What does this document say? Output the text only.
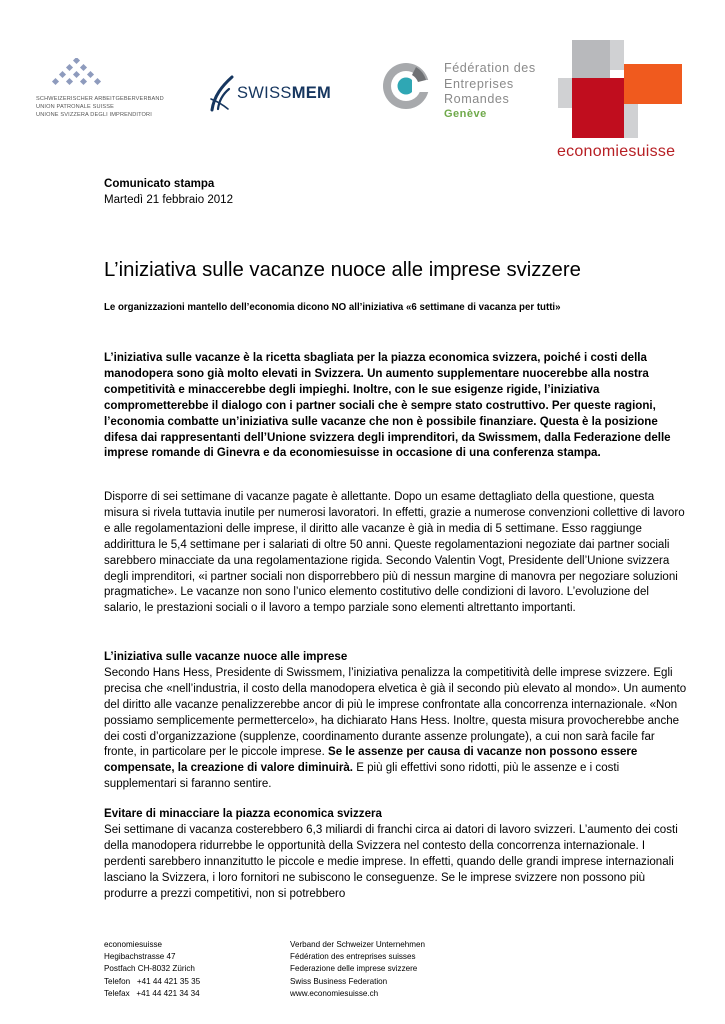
SCHWEIZERISCHER ARBEITGEBERVERBAND
UNION PATRONALE SUISSE
UNIONE SVIZZERA DEGLI IMPRENDITORI
SWISSMEM
Fédération des
Entreprises
Romandes
Genève
economiesuisse
Comunicato stampa
Martedì 21 febbraio 2012
L’iniziativa sulle vacanze nuoce alle imprese svizzere
Le organizzazioni mantello dell’economia dicono NO all’iniziativa «6 settimane di vacanza per tutti»
L’iniziativa sulle vacanze è la ricetta sbagliata per la piazza economica svizzera, poiché i costi della manodopera sono già molto elevati in Svizzera. Un aumento supplementare nuocerebbe alla nostra competitività e minaccerebbe degli impieghi. Inoltre, con le sue esigenze rigide, l’iniziativa comprometterebbe il dialogo con i partner sociali che è sempre stato costruttivo. Per queste ragioni, l’economia combatte un’iniziativa sulle vacanze che non è possibile finanziare. Questa è la posizione difesa dai rappresentanti dell’Unione svizzera degli imprenditori, da Swissmem, dalla Federazione delle imprese romande di Ginevra e da economiesuisse in occasione di una conferenza stampa.

Disporre di sei settimane di vacanze pagate è allettante. Dopo un esame dettagliato della questione, questa misura si rivela tuttavia inutile per numerosi lavoratori. In effetti, grazie a numerose convenzioni collettive di lavoro e alle regolamentazioni delle imprese, il diritto alle vacanze è già in media di 5 settimane. Esso raggiunge addirittura le 5,4 settimane per i salariati di oltre 50 anni. Queste regolamentazioni negoziate dai partner sociali sarebbero minacciate da una regolamentazione rigida. Secondo Valentin Vogt, Presidente dell’Unione svizzera degli imprenditori, «i partner sociali non disporrebbero più di nessun margine di manovra per negoziare soluzioni pragmatiche». Le vacanze non sono l’unico elemento costitutivo delle condizioni di lavoro. L’evoluzione del salario, le prestazioni sociali o il lavoro a tempo parziale sono elementi altrettanto importanti.

L’iniziativa sulle vacanze nuoce alle imprese

Secondo Hans Hess, Presidente di Swissmem, l’iniziativa penalizza la competitività delle imprese svizzere. Egli precisa che «nell’industria, il costo della manodopera elvetica è già il secondo più elevato al mondo». Un aumento del diritto alle vacanze penalizzerebbe ancor di più le imprese confrontate alla concorrenza internazionale. «Non possiamo semplicemente permettercelo», ha dichiarato Hans Hess. Inoltre, questa misura provocherebbe anche dei costi d’organizzazione (supplenze, coordinamento durante assenze prolungate), a cui non sarà facile far fronte, in particolare per le piccole imprese. Se le assenze per causa di vacanze non possono essere compensate, la creazione di valore diminuirà. E più gli effettivi sono ridotti, più le assenze e i costi supplementari si faranno sentire.

Evitare di minacciare la piazza economica svizzera

Sei settimane di vacanza costerebbero 6,3 miliardi di franchi circa ai datori di lavoro svizzeri. L’aumento dei costi della manodopera ridurrebbe le opportunità della Svizzera nel contesto della concorrenza internazionale. I perdenti sarebbero innanzitutto le piccole e medie imprese. In effetti, quando delle grandi imprese internazionali lasciano la Svizzera, i loro fornitori ne subiscono le conseguenze. Se le imprese svizzere non possono più produrre a prezzi competitivi, non si potrebbero

economiesuisse
Hegibachstrasse 47
Postfach CH-8032 Zürich
Telefon   +41 44 421 35 35
Telefax   +41 44 421 34 34
Verband der Schweizer Unternehmen
Fédération des entreprises suisses
Federazione delle imprese svizzere
Swiss Business Federation
www.economiesuisse.ch
